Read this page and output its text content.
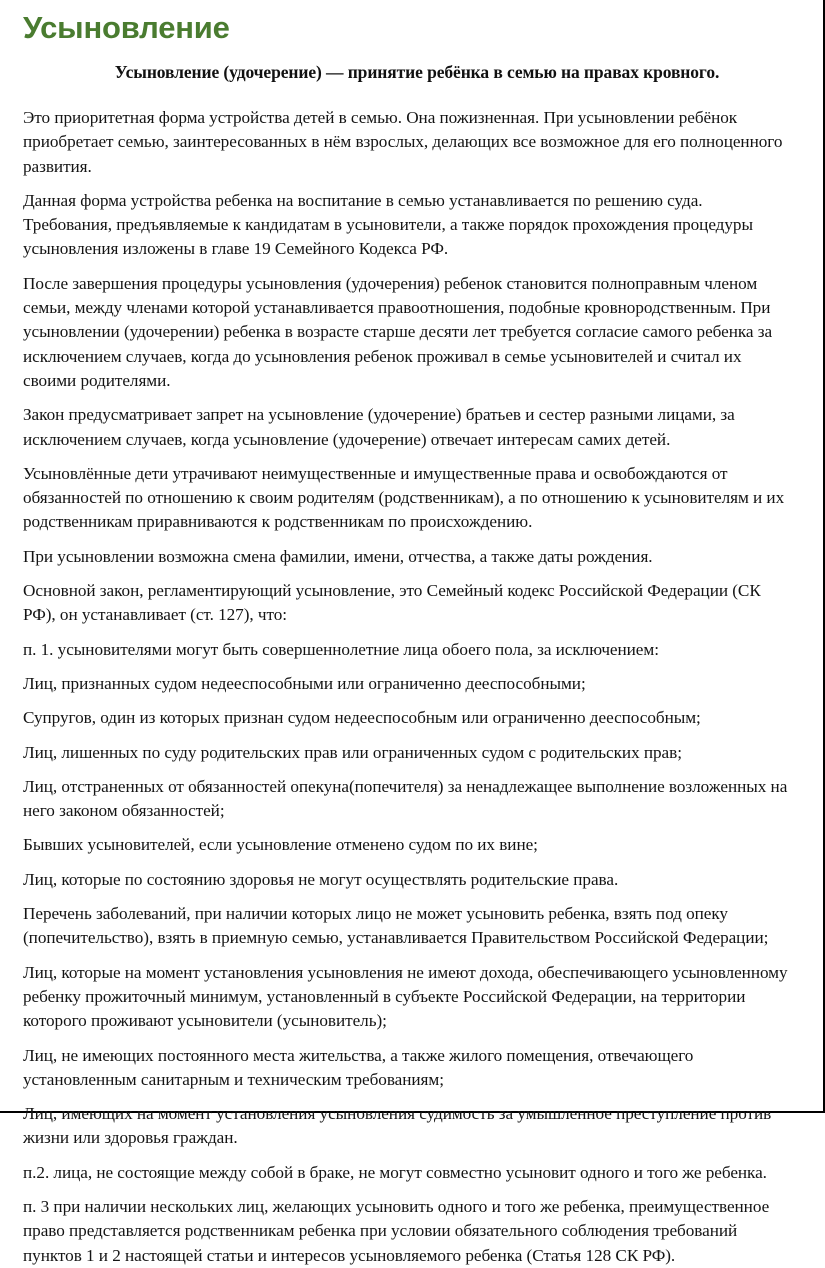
Усыновление

Усыновление (удочерение) — принятие ребёнка в семью на правах кровного.

Это приоритетная форма устройства детей в семью. Она пожизненная. При усыновлении ребёнок приобретает семью, заинтересованных в нём взрослых, делающих все возможное для его полноценного развития.

Данная форма устройства ребенка на воспитание в семью устанавливается по решению суда. Требования, предъявляемые к кандидатам в усыновители, а также порядок прохождения процедуры усыновления изложены в главе 19 Семейного Кодекса РФ.

После завершения процедуры усыновления (удочерения) ребенок становится полноправным членом семьи, между членами которой устанавливается правоотношения, подобные кровнородственным. При усыновлении (удочерении) ребенка в возрасте старше десяти лет требуется согласие самого ребенка за исключением случаев, когда до усыновления ребенок проживал в семье усыновителей и считал их своими родителями.

Закон предусматривает запрет на усыновление (удочерение) братьев и сестер разными лицами, за исключением случаев, когда усыновление (удочерение) отвечает интересам самих детей.

Усыновлённые дети утрачивают неимущественные и имущественные права и освобождаются от обязанностей по отношению к своим родителям (родственникам), а по отношению к усыновителям и их родственникам приравниваются к родственникам по происхождению.

При усыновлении возможна смена фамилии, имени, отчества, а также даты рождения.

Основной закон, регламентирующий усыновление, это Семейный кодекс Российской Федерации (СК РФ), он устанавливает (ст. 127), что:

п. 1. усыновителями могут быть совершеннолетние лица обоего пола, за исключением:

Лиц, признанных судом недееспособными или ограниченно дееспособными;

Супругов, один из которых признан судом недееспособным или ограниченно дееспособным;

Лиц, лишенных по суду родительских прав или ограниченных судом с родительских прав;

Лиц, отстраненных от обязанностей опекуна(попечителя) за ненадлежащее выполнение возложенных на него законом обязанностей;

Бывших усыновителей, если усыновление отменено судом по их вине;

Лиц, которые по состоянию здоровья не могут осуществлять родительские права.

Перечень заболеваний, при наличии которых лицо не может усыновить ребенка, взять под опеку (попечительство), взять в приемную семью, устанавливается Правительством Российской Федерации;

Лиц, которые на момент установления усыновления не имеют дохода, обеспечивающего усыновленному ребенку прожиточный минимум, установленный в субъекте Российской Федерации, на территории которого проживают усыновители (усыновитель);

Лиц, не имеющих постоянного места жительства, а также жилого помещения, отвечающего установленным санитарным и техническим требованиям;

Лиц, имеющих на момент установления усыновления судимость за умышленное преступление против жизни или здоровья граждан.

п.2. лица, не состоящие между собой в браке, не могут совместно усыновит одного и того же ребенка.

п. 3 при наличии нескольких лиц, желающих усыновить одного и того же ребенка, преимущественное право представляется родственникам ребенка при условии обязательного соблюдения требований пунктов 1 и 2 настоящей статьи и интересов усыновляемого ребенка (Статья 128 СК РФ).
